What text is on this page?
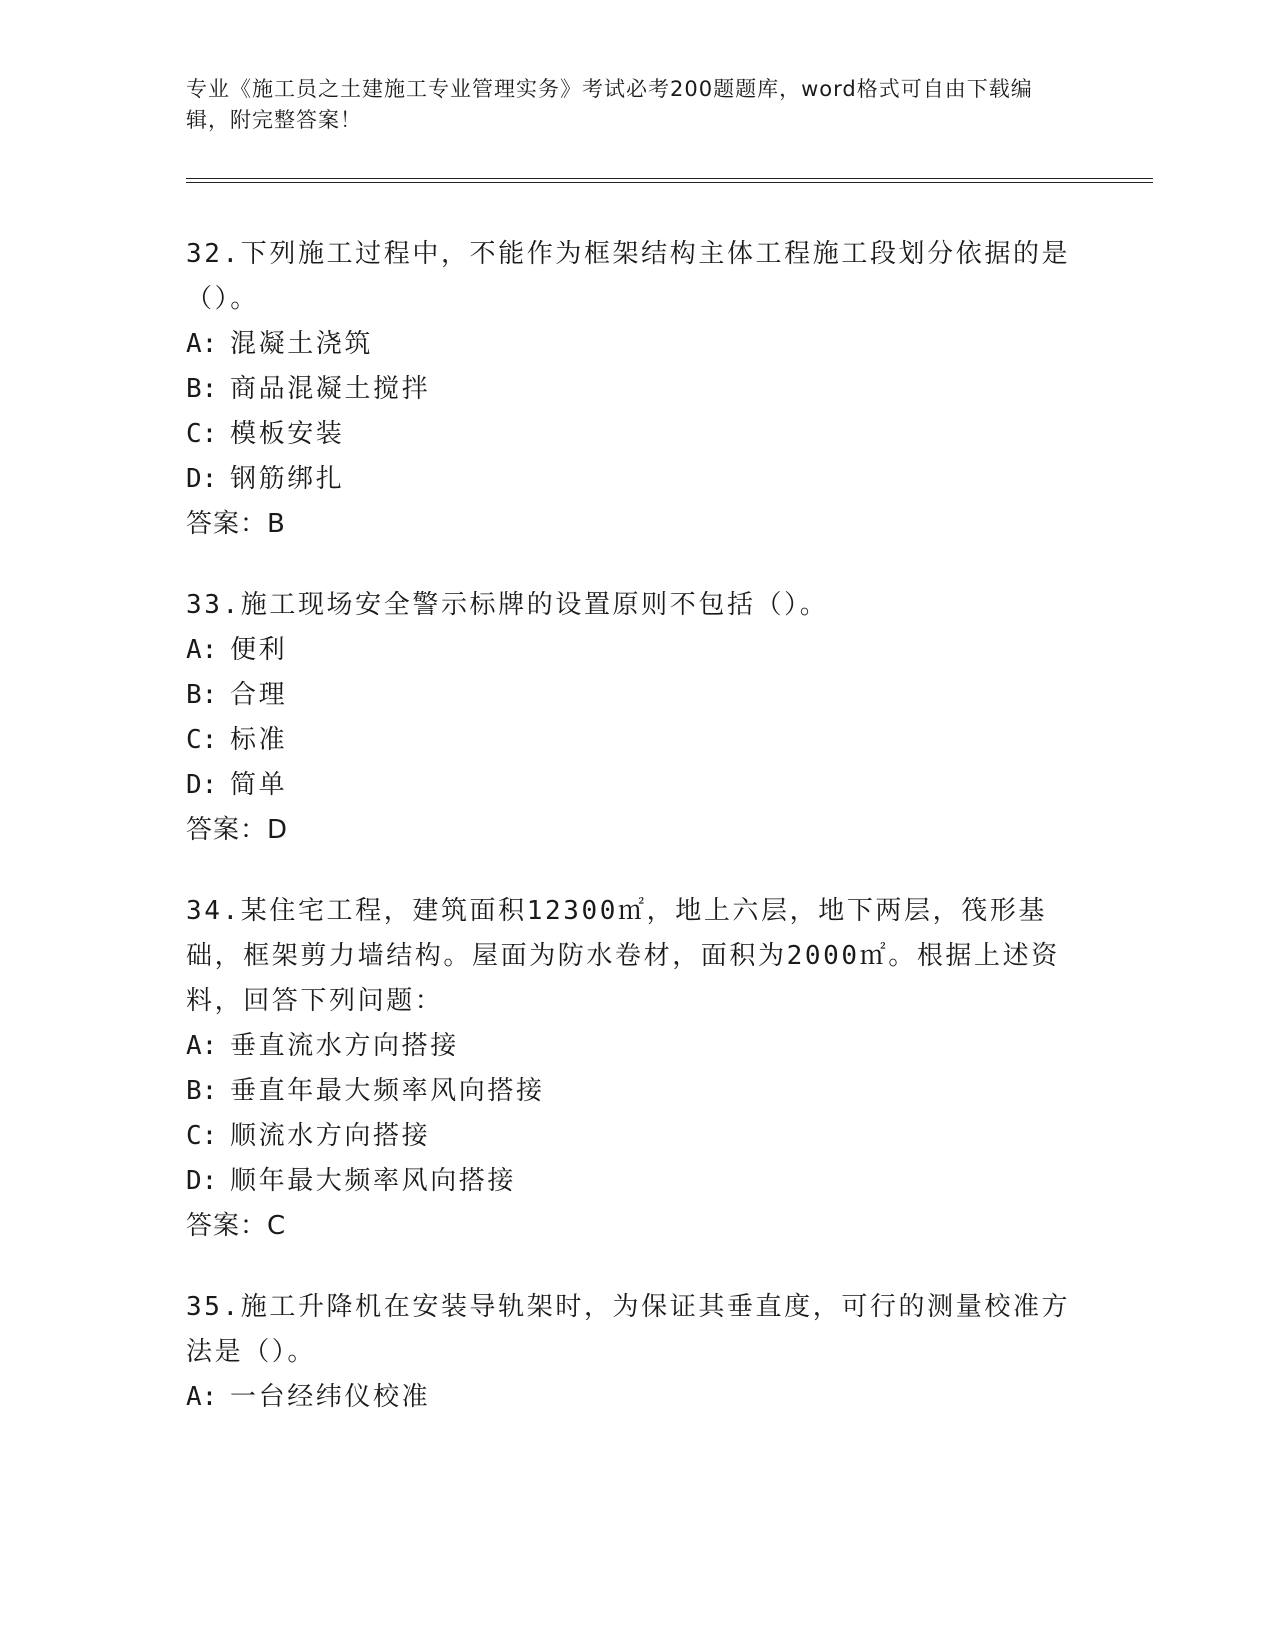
专业《施工员之土建施工专业管理实务》考试必考200题题库，word格式可自由下载编辑，附完整答案！
32.下列施工过程中，不能作为框架结构主体工程施工段划分依据的是（）。
A: 混凝土浇筑
B: 商品混凝土搅拌
C: 模板安装
D: 钢筋绑扎
答案：B
33.施工现场安全警示标牌的设置原则不包括（）。
A: 便利
B: 合理
C: 标准
D: 简单
答案：D
34.某住宅工程，建筑面积12300㎡，地上六层，地下两层，筏形基础，框架剪力墙结构。屋面为防水卷材，面积为2000㎡。根据上述资料，回答下列问题：
A: 垂直流水方向搭接
B: 垂直年最大频率风向搭接
C: 顺流水方向搭接
D: 顺年最大频率风向搭接
答案：C
35.施工升降机在安装导轨架时，为保证其垂直度，可行的测量校准方法是（）。
A: 一台经纬仪校准
